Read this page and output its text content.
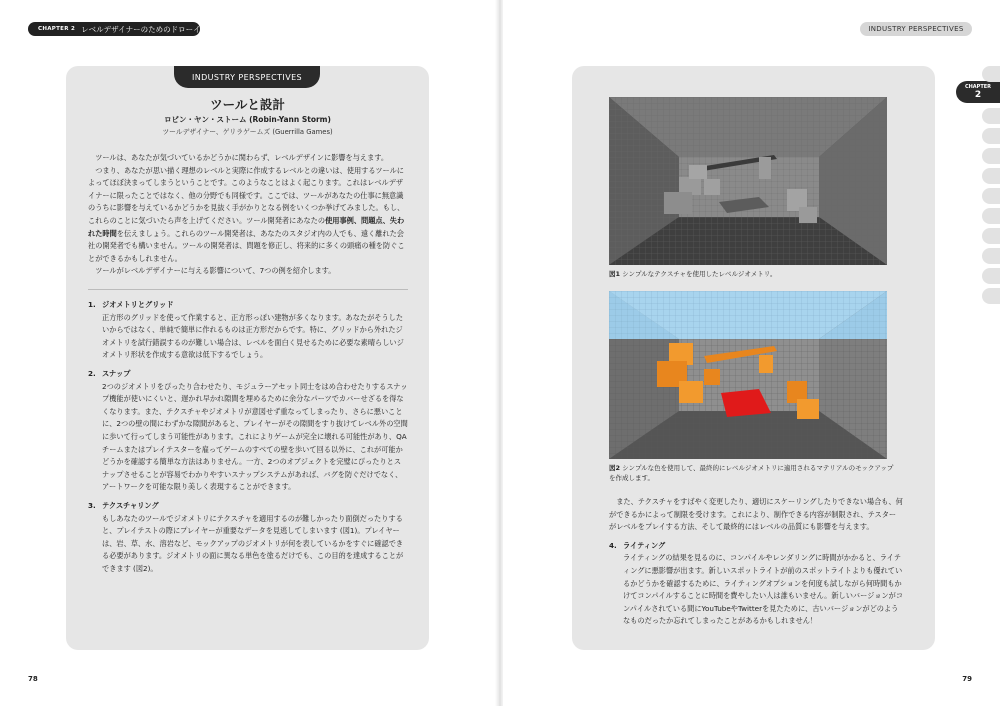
CHAPTER 2 レベルデザイナーのためのドローイング
INDUSTRY PERSPECTIVES
ツールと設計
ロビン・ヤン・ストーム (Robin-Yann Storm)
ツールデザイナー、ゲリラゲームズ (Guerrilla Games)

ツールは、あなたが気づいているかどうかに関わらず、レベルデザインに影響を与えます。

つまり、あなたが思い描く理想のレベルと実際に作成するレベルとの違いは、使用するツールによってほぼ決まってしまうということです。このようなことはよく起こります。これはレベルデザイナーに限ったことではなく、他の分野でも同様です。ここでは、ツールがあなたの仕事に無意識のうちに影響を与えているかどうかを見抜く手がかりとなる例をいくつか挙げてみました。もし、これらのことに気づいたら声を上げてください。ツール開発者にあなたの使用事例、問題点、失われた時間を伝えましょう。これらのツール開発者は、あなたのスタジオ内の人でも、遠く離れた会社の開発者でも構いません。ツールの開発者は、問題を修正し、将来的に多くの頭痛の種を防ぐことができるかもしれません。

ツールがレベルデザイナーに与える影響について、7つの例を紹介します。

1. ジオメトリとグリッド

正方形のグリッドを使って作業すると、正方形っぽい建物が多くなります。あなたがそうしたいからではなく、単純で簡単に作れるものは正方形だからです。特に、グリッドから外れたジオメトリを試行錯誤するのが難しい場合は、レベルを面白く見せるために必要な素晴らしいジオメトリ形状を作成する意欲は低下するでしょう。

2. スナップ

2つのジオメトリをぴったり合わせたり、モジュラーアセット同士をはめ合わせたりするスナップ機能が使いにくいと、遅かれ早かれ隙間を埋めるために余分なパーツでカバーせざるを得なくなります。また、テクスチャやジオメトリが意図せず重なってしまったり、さらに悪いことに、2つの壁の間にわずかな隙間があると、プレイヤーがその隙間をすり抜けてレベル外の空間に歩いて行ってしまう可能性があります。これによりゲームが完全に壊れる可能性があり、QAチームまたはプレイテスターを雇ってゲームのすべての壁を歩いて回る以外に、これが可能かどうかを確認する簡単な方法はありません。一方、2つのオブジェクトを完璧にぴったりとスナップさせることが容易でわかりやすいスナップシステムがあれば、バグを防ぐだけでなく、アートワークを可能な限り美しく表現することができます。

3. テクスチャリング

もしあなたのツールでジオメトリにテクスチャを適用するのが難しかったり面倒だったりすると、プレイテストの際にプレイヤーが重要なデータを見逃してしまいます (図1)。プレイヤーは、岩、草、水、溶岩など、モックアップのジオメトリが何を表しているかをすぐに確認できる必要があります。ジオメトリの面に異なる単色を塗るだけでも、この目的を達成することができます (図2)。

78
INDUSTRY PERSPECTIVES
図1 シンプルなテクスチャを使用したレベルジオメトリ。
図2 シンプルな色を使用して、最終的にレベルジオメトリに適用されるマテリアルのモックアップを作成します。

また、テクスチャをすばやく変更したり、適切にスケーリングしたりできない場合も、何ができるかによって制限を受けます。これにより、制作できる内容が制限され、テスターがレベルをプレイする方法、そして最終的にはレベルの品質にも影響を与えます。

4. ライティング

ライティングの結果を見るのに、コンパイルやレンダリングに時間がかかると、ライティングに悪影響が出ます。新しいスポットライトが前のスポットライトよりも優れているかどうかを確認するために、ライティングオプションを何度も試しながら何時間もかけてコンパイルすることに時間を費やしたい人は誰もいません。新しいバージョンがコンパイルされている間にYouTubeやTwitterを見たために、古いバージョンがどのようなものだったか忘れてしまったことがあるかもしれません！

CHAPTER
2
79
